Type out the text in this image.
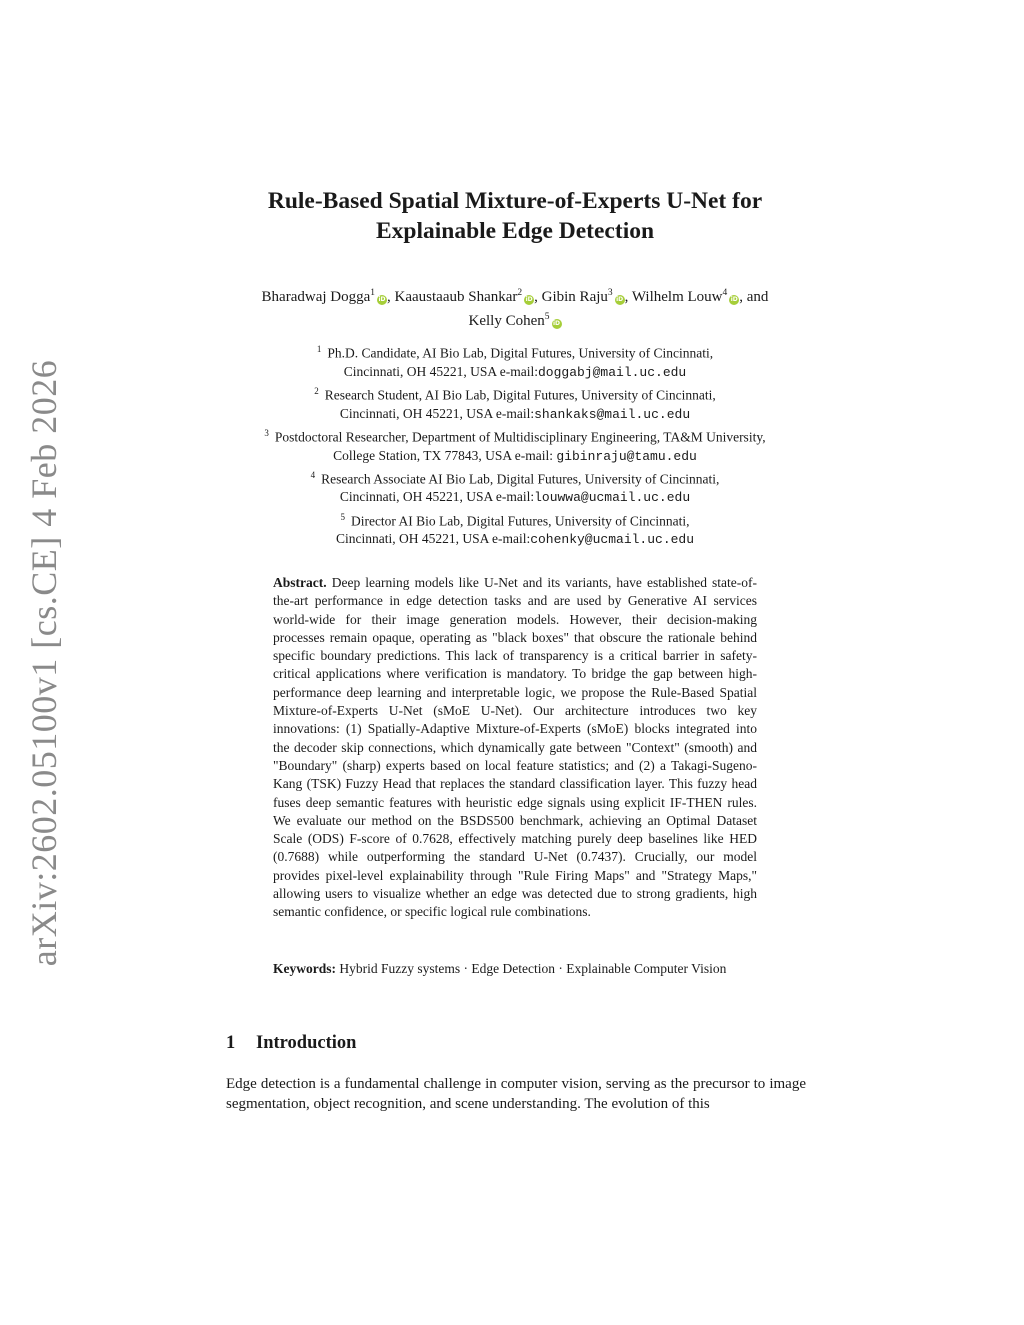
arXiv:2602.05100v1 [cs.CE] 4 Feb 2026
Rule-Based Spatial Mixture-of-Experts U-Net for
Explainable Edge Detection
Bharadwaj Dogga$^1$iD, Kaaustaaub Shankar$^2$iD, Gibin Raju$^3$iD, Wilhelm Louw$^4$iD, and
Kelly Cohen$^5$iD
$^1$ Ph.D. Candidate, AI Bio Lab, Digital Futures, University of Cincinnati,
Cincinnati, OH 45221, USA e-mail:doggabj@mail.uc.edu
$^2$ Research Student, AI Bio Lab, Digital Futures, University of Cincinnati,
Cincinnati, OH 45221, USA e-mail:shankaks@mail.uc.edu
$^3$ Postdoctoral Researcher, Department of Multidisciplinary Engineering, TA&M University,
College Station, TX 77843, USA e-mail: gibinraju@tamu.edu
$^4$ Research Associate AI Bio Lab, Digital Futures, University of Cincinnati,
Cincinnati, OH 45221, USA e-mail:louwwa@ucmail.uc.edu
$^5$ Director AI Bio Lab, Digital Futures, University of Cincinnati,
Cincinnati, OH 45221, USA e-mail:cohenky@ucmail.uc.edu

Abstract. Deep learning models like U-Net and its variants, have established state-of-the-art performance in edge detection tasks and are used by Generative AI services world-wide for their image generation models. However, their decision-making processes remain opaque, operating as "black boxes" that obscure the rationale behind specific boundary predictions. This lack of transparency is a critical barrier in safety-critical applications where verification is mandatory. To bridge the gap between high-performance deep learning and interpretable logic, we propose the Rule-Based Spatial Mixture-of-Experts U-Net (sMoE U-Net). Our architecture introduces two key innovations: (1) Spatially-Adaptive Mixture-of-Experts (sMoE) blocks integrated into the decoder skip connections, which dynamically gate between "Context" (smooth) and "Boundary" (sharp) experts based on local feature statistics; and (2) a Takagi-Sugeno-Kang (TSK) Fuzzy Head that replaces the standard classification layer. This fuzzy head fuses deep semantic features with heuristic edge signals using explicit IF-THEN rules. We evaluate our method on the BSDS500 benchmark, achieving an Optimal Dataset Scale (ODS) F-score of 0.7628, effectively matching purely deep baselines like HED (0.7688) while outperforming the standard U-Net (0.7437). Crucially, our model provides pixel-level explainability through "Rule Firing Maps" and "Strategy Maps," allowing users to visualize whether an edge was detected due to strong gradients, high semantic confidence, or specific logical rule combinations.

Keywords: Hybrid Fuzzy systems · Edge Detection · Explainable Computer Vision

1 Introduction

Edge detection is a fundamental challenge in computer vision, serving as the precursor to image segmentation, object recognition, and scene understanding. The evolution of this
